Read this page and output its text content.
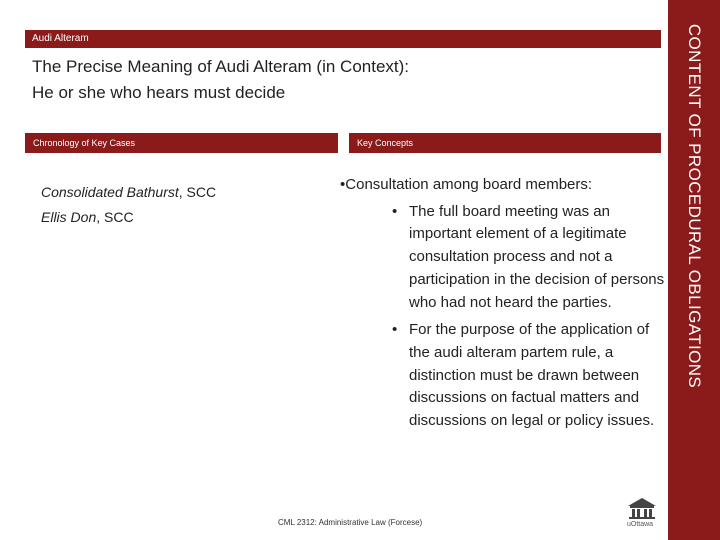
Audi Alteram
The Precise Meaning of Audi Alteram (in Context):
He or she who hears must decide
Chronology of Key Cases	Key Concepts
Consolidated Bathurst, SCC
Ellis Don, SCC

•Consultation among board members:

• The full board meeting was an important element of a legitimate consultation process and not a participation in the decision of persons who had not heard the parties.
• For the purpose of the application of the audi alteram partem rule, a distinction must be drawn between discussions on factual matters and discussions on legal or policy issues.
CONTENT OF PROCEDURAL OBLIGATIONS
CML 2312: Administrative Law (Forcese)	uOttawa
